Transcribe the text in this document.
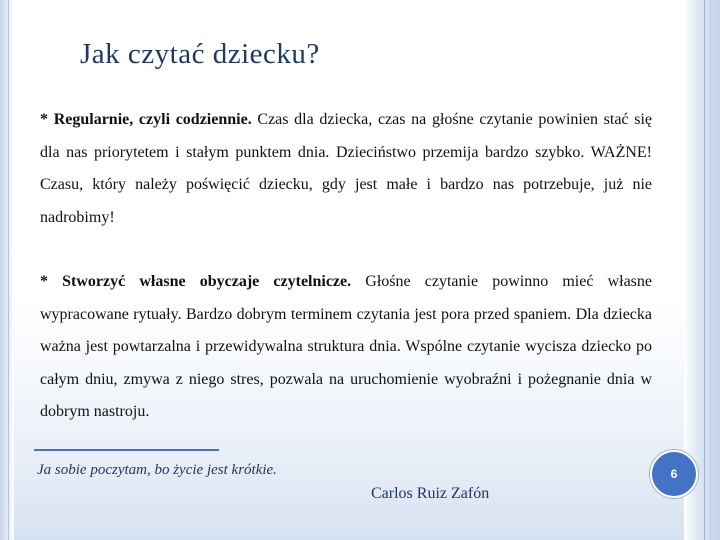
Jak czytać dziecku?
* Regularnie, czyli codziennie. Czas dla dziecka, czas na głośne czytanie powinien stać się dla nas priorytetem i stałym punktem dnia. Dzieciństwo przemija bardzo szybko. WAŻNE! Czasu, który należy poświęcić dziecku, gdy jest małe i bardzo nas potrzebuje, już nie nadrobimy!
* Stworzyć własne obyczaje czytelnicze. Głośne czytanie powinno mieć własne wypracowane rytuały. Bardzo dobrym terminem czytania jest pora przed spaniem. Dla dziecka ważna jest powtarzalna i przewidywalna struktura dnia. Wspólne czytanie wycisza dziecko po całym dniu, zmywa z niego stres, pozwala na uruchomienie wyobraźni i pożegnanie dnia w dobrym nastroju.
Ja sobie poczytam, bo życie jest krótkie.
Carlos Ruiz Zafón
6
